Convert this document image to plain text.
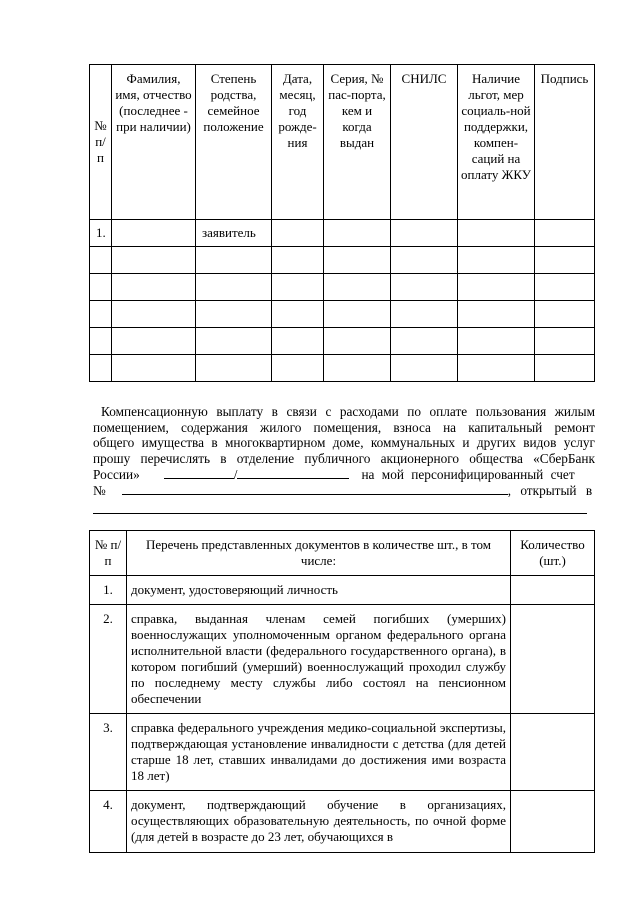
№ п/п	Фамилия, имя, отчество (последнее - при наличии)	Степень родства, семейное положение	Дата, месяц, год рожде-ния	Серия, № пас-порта, кем и когда выдан	СНИЛС	Наличие льгот, мер социаль-ной поддержки, компен-саций на оплату ЖКУ	Подпись
1.		заявитель					

Компенсационную выплату в связи с расходами по оплате пользования жилым
помещением, содержания жилого помещения, взноса на капитальный ремонт
общего имущества в многоквартирном доме, коммунальных и других видов услуг
прошу перечислять в отделение публичного акционерного общества «СберБанк
России»	/	на мой персонифицированный счет
№	, открытый в
№ п/п	Перечень представленных документов в количестве шт., в том числе:	Количество (шт.)
1.	документ, удостоверяющий личность	
2.	справка, выданная членам семей погибших (умерших) военнослужащих уполномоченным органом федерального органа исполнительной власти (федерального государственного органа), в котором погибший (умерший) военнослужащий проходил службу по последнему месту службы либо состоял на пенсионном обеспечении	
3.	справка федерального учреждения медико-социальной экспертизы, подтверждающая установление инвалидности с детства (для детей старше 18 лет, ставших инвалидами до достижения ими возраста 18 лет)	
4.	документ, подтверждающий обучение в организациях, осуществляющих образовательную деятельность, по очной форме (для детей в возрасте до 23 лет, обучающихся в	
